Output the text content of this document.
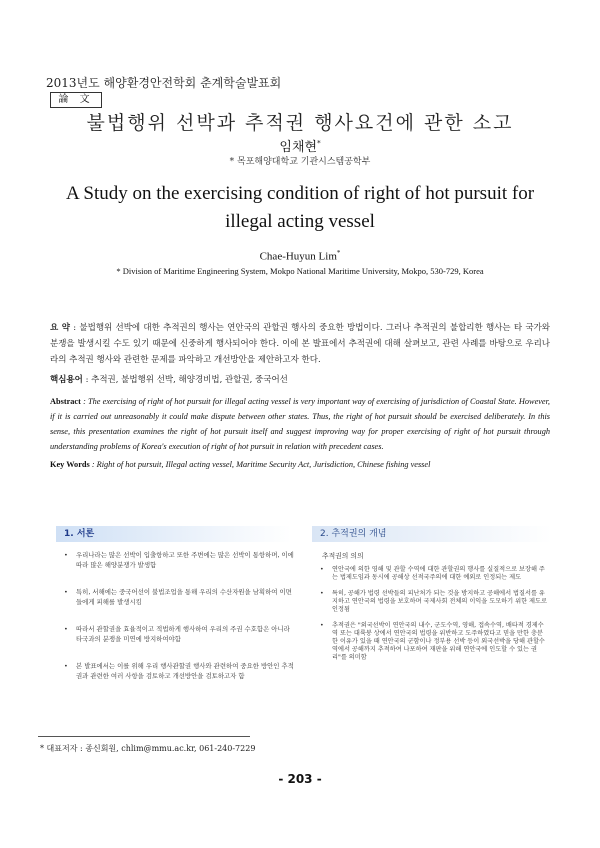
2013년도 해양환경안전학회 춘계학술발표회
論 文
불법행위 선박과 추적권 행사요건에 관한 소고
임채현*
* 목포해양대학교 기관시스템공학부
A Study on the exercising condition of right of hot pursuit for illegal acting vessel
Chae-Huyun Lim*
* Division of Maritime Engineering System, Mokpo National Maritime University, Mokpo, 530-729, Korea
요 약 : 불법행위 선박에 대한 추적권의 행사는 연안국의 관할권 행사의 중요한 방법이다. 그러나 추적권의 불합리한 행사는 타 국가와 분쟁을 발생시킬 수도 있기 때문에 신중하게 행사되어야 한다. 이에 본 발표에서 추적권에 대해 살펴보고, 관련 사례를 바탕으로 우리나라의 추적권 행사와 관련한 문제를 파악하고 개선방안을 제안하고자 한다.
핵심용어 : 추적권, 불법행위 선박, 해양경비법, 관할권, 중국어선
Abstract : The exercising of right of hot pursuit for illegal acting vessel is very important way of exercising of jurisdiction of Coastal State. However, if it is carried out unreasonably it could make dispute between other states. Thus, the right of hot pursuit should be exercised deliberately. In this sense, this presentation examines the right of hot pursuit itself and suggest improving way for proper exercising of right of hot pursuit through understanding problems of Korea's execution of right of hot pursuit in relation with precedent cases.
Key Words : Right of hot pursuit, Illegal acting vessel, Maritime Security Act, Jurisdiction, Chinese fishing vessel
1. 서론
• 우리나라는 많은 선박이 입출항하고 또한 주변에는 많은 선박이 통항하며, 이에 따라 많은 해양분쟁가 발생함
• 특히, 서해에는 중국어선이 불법조업을 통해 우리의 수산자원을 남획하여 이면들에게 피해를 발생시킴
• 따라서 관할권을 효율적이고 적법하게 행사하여 우리의 주권 수호함은 아니라 타국과의 분쟁을 미연에 방지하여야함
• 본 발표에서는 이를 위해 우리 행사관할권 행사와 관련하여 중요한 방안인 추적권과 관련한 여러 사항을 검토하고 개선방안을 검토하고자 함
2. 추적권의 개념
추적권의 의의
• 연안국에 의한 영해 및 관할 수역에 대한 관할권의 행사를 실질적으로 보장해 주는 법제도임과 동시에 공해상 선적국주의에 대한 예외로 인정되는 제도
• 특히, 공해가 법령 선박들의 피난처가 되는 것을 방지하고 공해에서 법질서를 유지하고 연안국의 법령을 보호하며 국제사회 전체의 이익을 도모하기 위한 제도로 인정됨
• 추적권은 "외국선박이 연안국의 내수, 군도수역, 영해, 접속수역, 배타적 경제수역 또는 대륙붕 상에서 연안국의 법령을 위반하고 도주하였다고 믿을 만한 충분한 이유가 있을 때 연안국의 군함이나 정부용 선박 등이 외국선박을 당해 관할수역에서 공해까지 추적하여 나포하여 재판을 위해 연안국에 인도할 수 있는 권리"를 의미함
* 대표저자 : 종신회원, chlim@mmu.ac.kr, 061-240-7229
- 203 -
